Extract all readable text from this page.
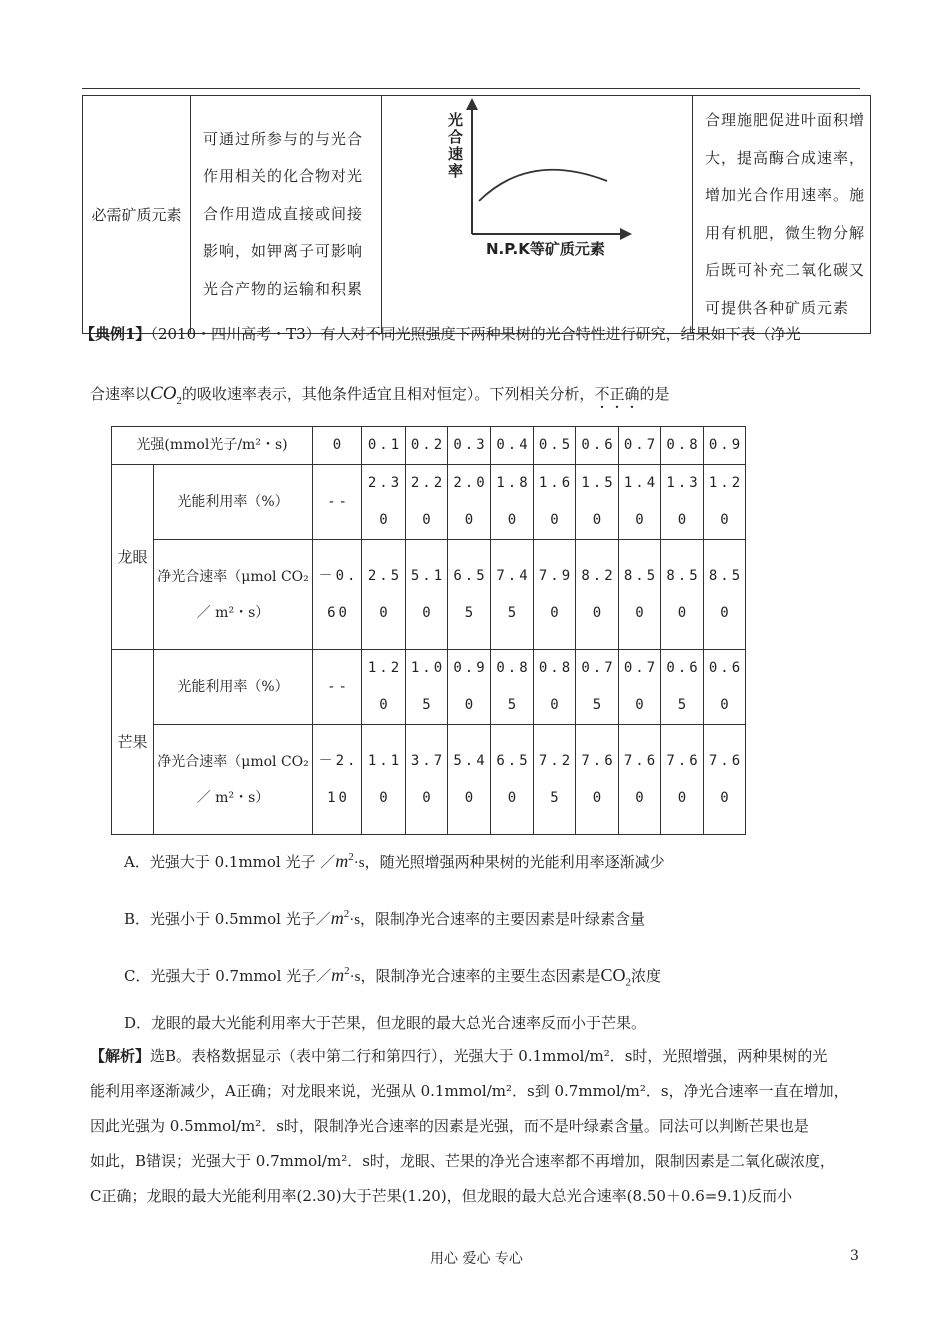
必需矿质元素	可通过所参与的与光合作用相关的化合物对光合作用造成直接或间接影响，如钾离子可影响光合产物的运输和积累	
光合速率
N.P.K等矿质元素
	合理施肥促进叶面积增大，提高酶合成速率，增加光合作用速率。施用有机肥，微生物分解后既可补充二氧化碳又可提供各种矿质元素
【典例1】（2010・四川高考・T3）有人对不同光照强度下两种果树的光合特性进行研究，结果如下表（净光
合速率以$CO_2$的吸收速率表示，其他条件适宜且相对恒定）。下列相关分析，不正确的是
光强(mmol光子/m²・s)		0	0.1	0.2	0.3	0.4	0.5	0.6	0.7	0.8	0.9
龙眼	光能利用率（%）	--	2.30	2.20	2.00	1.80	1.60	1.50	1.40	1.30	1.20
	净光合速率（μmol CO₂／ m²・s）	－0.60	2.50	5.10	6.55	7.45	7.90	8.20	8.50	8.50	8.50
芒果	光能利用率（%）	--	1.20	1.05	0.90	0.85	0.80	0.75	0.70	0.65	0.60
	净光合速率（μmol CO₂／ m²・s）	－2.10	1.10	3.70	5.40	6.50	7.25	7.60	7.60	7.60	7.60
A．光强大于 0.1mmol 光子 $/m^2\cdot s$，随光照增强两种果树的光能利用率逐渐减少
B．光强小于 0.5mmol 光子$/m^2\cdot s$，限制净光合速率的主要因素是叶绿素含量
C．光强大于 0.7mmol 光子$/m^2\cdot s$，限制净光合速率的主要生态因素是$CO_2$浓度
D．龙眼的最大光能利用率大于芒果，但龙眼的最大总光合速率反而小于芒果。
【解析】选B。表格数据显示（表中第二行和第四行），光强大于 0.1mmol/m²．s时，光照增强，两种果树的光
能利用率逐渐减少，A正确；对龙眼来说，光强从 0.1mmol/m²．s到 0.7mmol/m²．s，净光合速率一直在增加，
因此光强为 0.5mmol/m²．s时，限制净光合速率的因素是光强，而不是叶绿素含量。同法可以判断芒果也是
如此，B错误；光强大于 0.7mmol/m²．s时，龙眼、芒果的净光合速率都不再增加，限制因素是二氧化碳浓度，
C正确；龙眼的最大光能利用率(2.30)大于芒果(1.20)，但龙眼的最大总光合速率(8.50＋0.6=9.1)反而小
用心 爱心 专心	3
